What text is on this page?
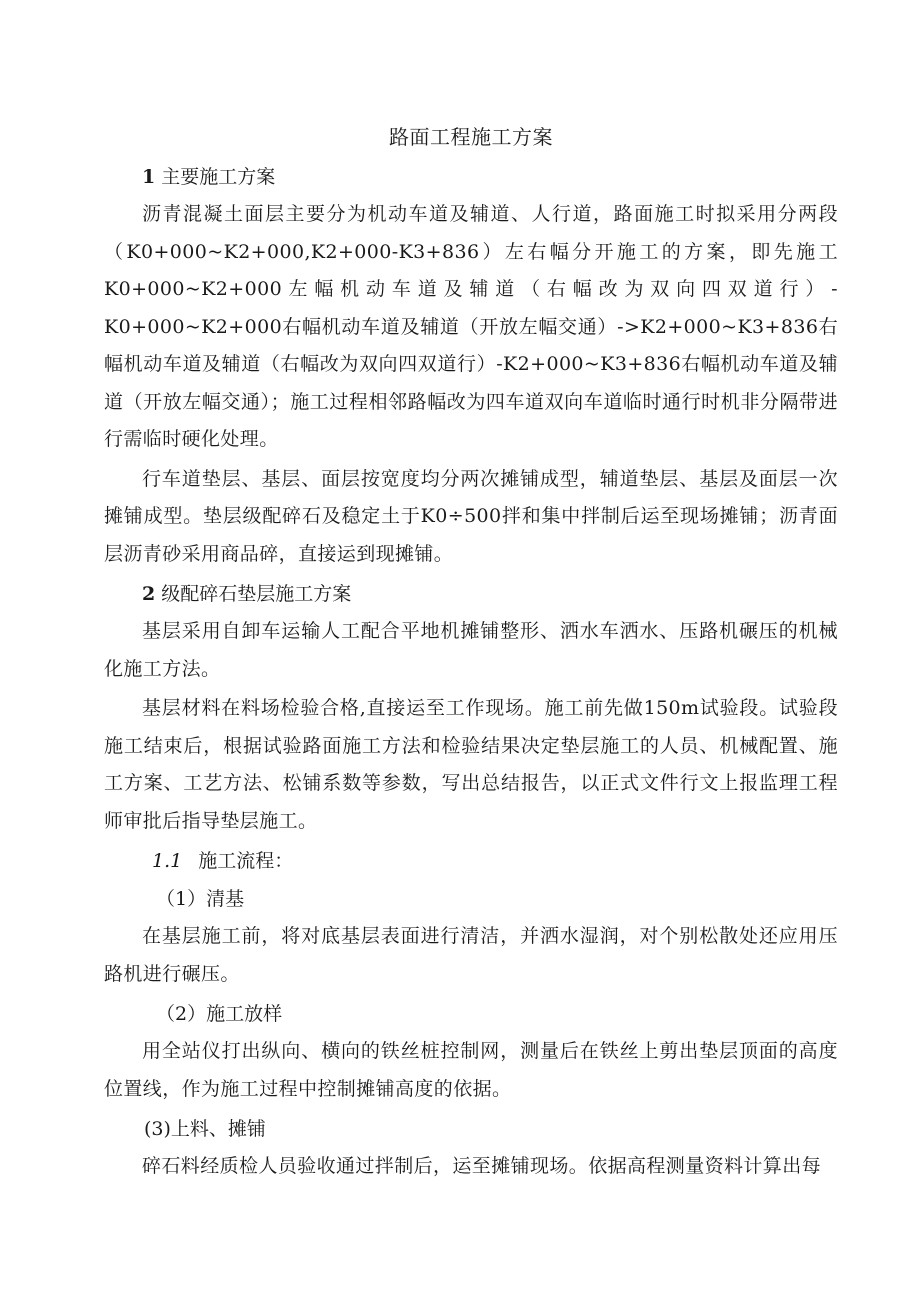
路面工程施工方案
1 主要施工方案

沥青混凝土面层主要分为机动车道及辅道、人行道，路面施工时拟采用分两段（K0+000~K2+000,K2+000-K3+836）左右幅分开施工的方案，即先施工K0+000~K2+000左幅机动车道及辅道（右幅改为双向四双道行）-K0+000~K2+000右幅机动车道及辅道（开放左幅交通）->K2+000~K3+836右幅机动车道及辅道（右幅改为双向四双道行）-K2+000~K3+836右幅机动车道及辅道（开放左幅交通）；施工过程相邻路幅改为四车道双向车道临时通行时机非分隔带进行需临时硬化处理。

行车道垫层、基层、面层按宽度均分两次摊铺成型，辅道垫层、基层及面层一次摊铺成型。垫层级配碎石及稳定土于K0÷500拌和集中拌制后运至现场摊铺；沥青面层沥青砂采用商品碎，直接运到现摊铺。

2 级配碎石垫层施工方案

基层采用自卸车运输人工配合平地机摊铺整形、洒水车洒水、压路机碾压的机械化施工方法。

基层材料在料场检验合格,直接运至工作现场。施工前先做150m试验段。试验段施工结束后，根据试验路面施工方法和检验结果决定垫层施工的人员、机械配置、施工方案、工艺方法、松铺系数等参数，写出总结报告，以正式文件行文上报监理工程师审批后指导垫层施工。

1.1 施工流程：
（1）清基

在基层施工前，将对底基层表面进行清洁，并洒水湿润，对个别松散处还应用压路机进行碾压。

（2）施工放样

用全站仪打出纵向、横向的铁丝桩控制网，测量后在铁丝上剪出垫层顶面的高度位置线，作为施工过程中控制摊铺高度的依据。

(3)上料、摊铺

碎石料经质检人员验收通过拌制后，运至摊铺现场。依据高程测量资料计算出每
